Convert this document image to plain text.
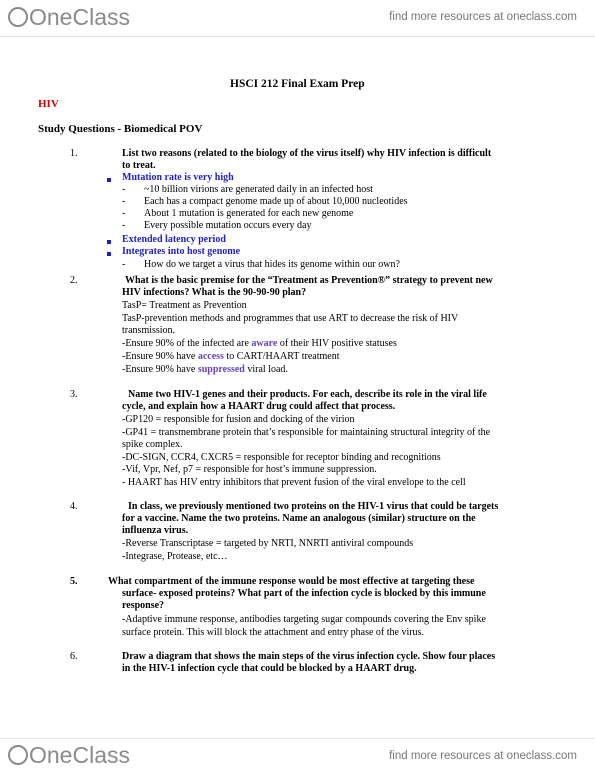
OneClass	find more resources at oneclass.com
HSCI 212 Final Exam Prep
HIV
Study Questions - Biomedical POV
1.	List two reasons (related to the biology of the virus itself) why HIV infection is difficult
to treat.
Mutation rate is very high
- ~10 billion virions are generated daily in an infected host
- Each has a compact genome made up of about 10,000 nucleotides
- About 1 mutation is generated for each new genome
- Every possible mutation occurs every day
Extended latency period
Integrates into host genome
- How do we target a virus that hides its genome within our own?
2.	What is the basic premise for the “Treatment as Prevention®” strategy to prevent new
HIV infections? What is the 90-90-90 plan?
TasP= Treatment as Prevention
TasP-prevention methods and programmes that use ART to decrease the risk of HIV
transmission.
-Ensure 90% of the infected are aware of their HIV positive statuses
-Ensure 90% have access to CART/HAART treatment
-Ensure 90% have suppressed viral load.
3.	Name two HIV-1 genes and their products. For each, describe its role in the viral life
cycle, and explain how a HAART drug could affect that process.
-GP120 = responsible for fusion and docking of the virion
-GP41 = transmembrane protein that’s responsible for maintaining structural integrity of the
spike complex.
-DC-SIGN, CCR4, CXCR5 = responsible for receptor binding and recognitions
-Vif, Vpr, Nef, p7 = responsible for host’s immune suppression.
- HAART has HIV entry inhibitors that prevent fusion of the viral envelope to the cell
4.	In class, we previously mentioned two proteins on the HIV-1 virus that could be targets
for a vaccine. Name the two proteins. Name an analogous (similar) structure on the
influenza virus.
-Reverse Transcriptase = targeted by NRTI, NNRTI antiviral compounds
-Integrase, Protease, etc…
5.	What compartment of the immune response would be most effective at targeting these
surface- exposed proteins? What part of the infection cycle is blocked by this immune
response?
-Adaptive immune response, antibodies targeting sugar compounds covering the Env spike
surface protein. This will block the attachment and entry phase of the virus.
6.	Draw a diagram that shows the main steps of the virus infection cycle. Show four places
in the HIV-1 infection cycle that could be blocked by a HAART drug.
OneClass	find more resources at oneclass.com
